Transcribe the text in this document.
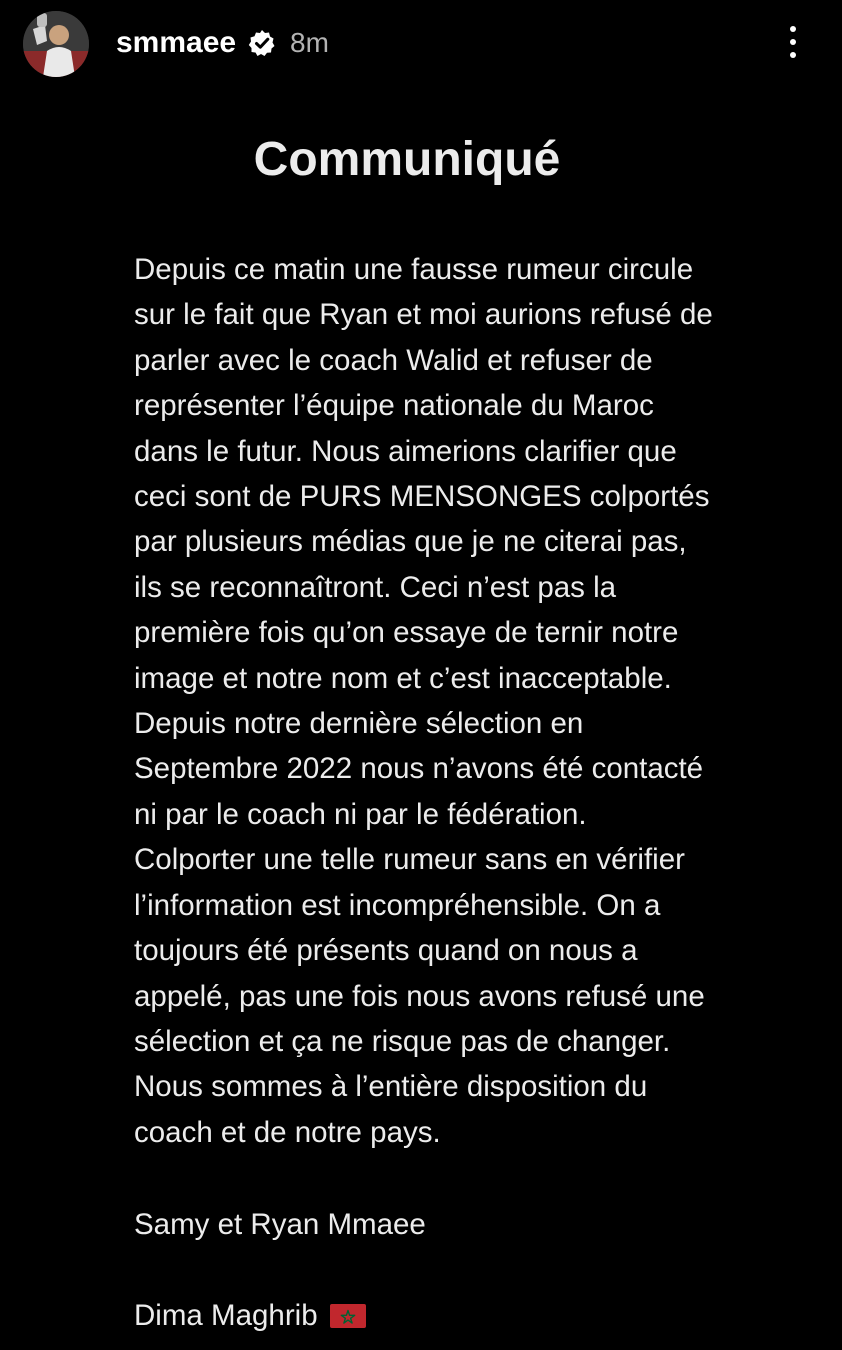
smmaee 8m
Communiqué
Depuis ce matin une fausse rumeur circule
sur le fait que Ryan et moi aurions refusé de
parler avec le coach Walid et refuser de
représenter l’équipe nationale du Maroc
dans le futur. Nous aimerions clarifier que
ceci sont de PURS MENSONGES colportés
par plusieurs médias que je ne citerai pas,
ils se reconnaîtront. Ceci n’est pas la
première fois qu’on essaye de ternir notre
image et notre nom et c’est inacceptable.
Depuis notre dernière sélection en
Septembre 2022 nous n’avons été contacté
ni par le coach ni par le fédération.
Colporter une telle rumeur sans en vérifier
l’information est incompréhensible. On a
toujours été présents quand on nous a
appelé, pas une fois nous avons refusé une
sélection et ça ne risque pas de changer.
Nous sommes à l’entière disposition du
coach et de notre pays.
Samy et Ryan Mmaee
Dima Maghrib
